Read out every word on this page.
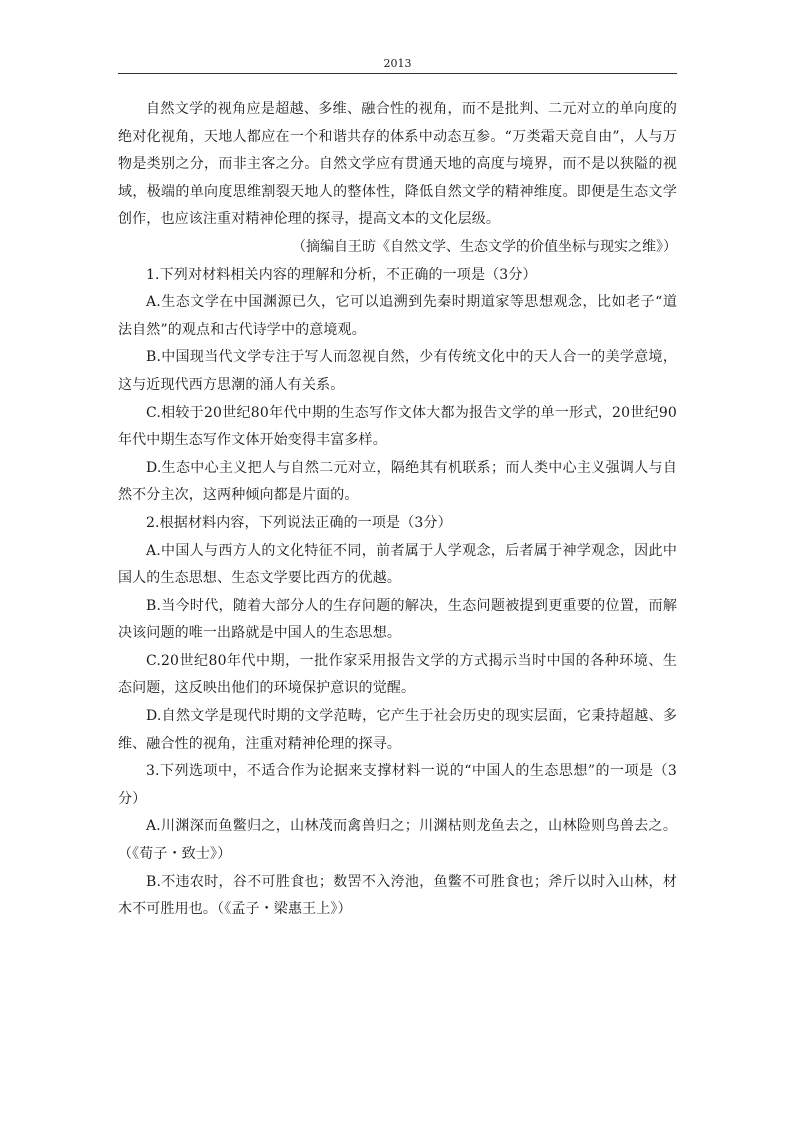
2013

自然文学的视角应是超越、多维、融合性的视角，而不是批判、二元对立的单向度的绝对化视角，天地人都应在一个和谐共存的体系中动态互参。“万类霜天竞自由”，人与万物是类别之分，而非主客之分。自然文学应有贯通天地的高度与境界，而不是以狭隘的视域，极端的单向度思维割裂天地人的整体性，降低自然文学的精神维度。即便是生态文学创作，也应该注重对精神伦理的探寻，提高文本的文化层级。

（摘编自王昉《自然文学、生态文学的价值坐标与现实之维》）

1.下列对材料相关内容的理解和分析，不正确的一项是（3分）

A.生态文学在中国渊源已久，它可以追溯到先秦时期道家等思想观念，比如老子“道法自然”的观点和古代诗学中的意境观。

B.中国现当代文学专注于写人而忽视自然，少有传统文化中的天人合一的美学意境，这与近现代西方思潮的涌人有关系。

C.相较于20世纪80年代中期的生态写作文体大都为报告文学的单一形式，20世纪90年代中期生态写作文体开始变得丰富多样。

D.生态中心主义把人与自然二元对立，隔绝其有机联系；而人类中心主义强调人与自然不分主次，这两种倾向都是片面的。

2.根据材料内容，下列说法正确的一项是（3分）

A.中国人与西方人的文化特征不同，前者属于人学观念，后者属于神学观念，因此中国人的生态思想、生态文学要比西方的优越。

B.当今时代，随着大部分人的生存问题的解决，生态问题被提到更重要的位置，而解决该问题的唯一出路就是中国人的生态思想。

C.20世纪80年代中期，一批作家采用报告文学的方式揭示当时中国的各种环境、生态问题，这反映出他们的环境保护意识的觉醒。

D.自然文学是现代时期的文学范畴，它产生于社会历史的现实层面，它秉持超越、多维、融合性的视角，注重对精神伦理的探寻。

3.下列选项中，不适合作为论据来支撑材料一说的“中国人的生态思想”的一项是（3分）

A.川渊深而鱼鳖归之，山林茂而禽兽归之；川渊枯则龙鱼去之，山林险则鸟兽去之。（《荀子・致士》）

B.不违农时，谷不可胜食也；数罟不入洿池，鱼鳖不可胜食也；斧斤以时入山林，材木不可胜用也。（《孟子・梁惠王上》）
